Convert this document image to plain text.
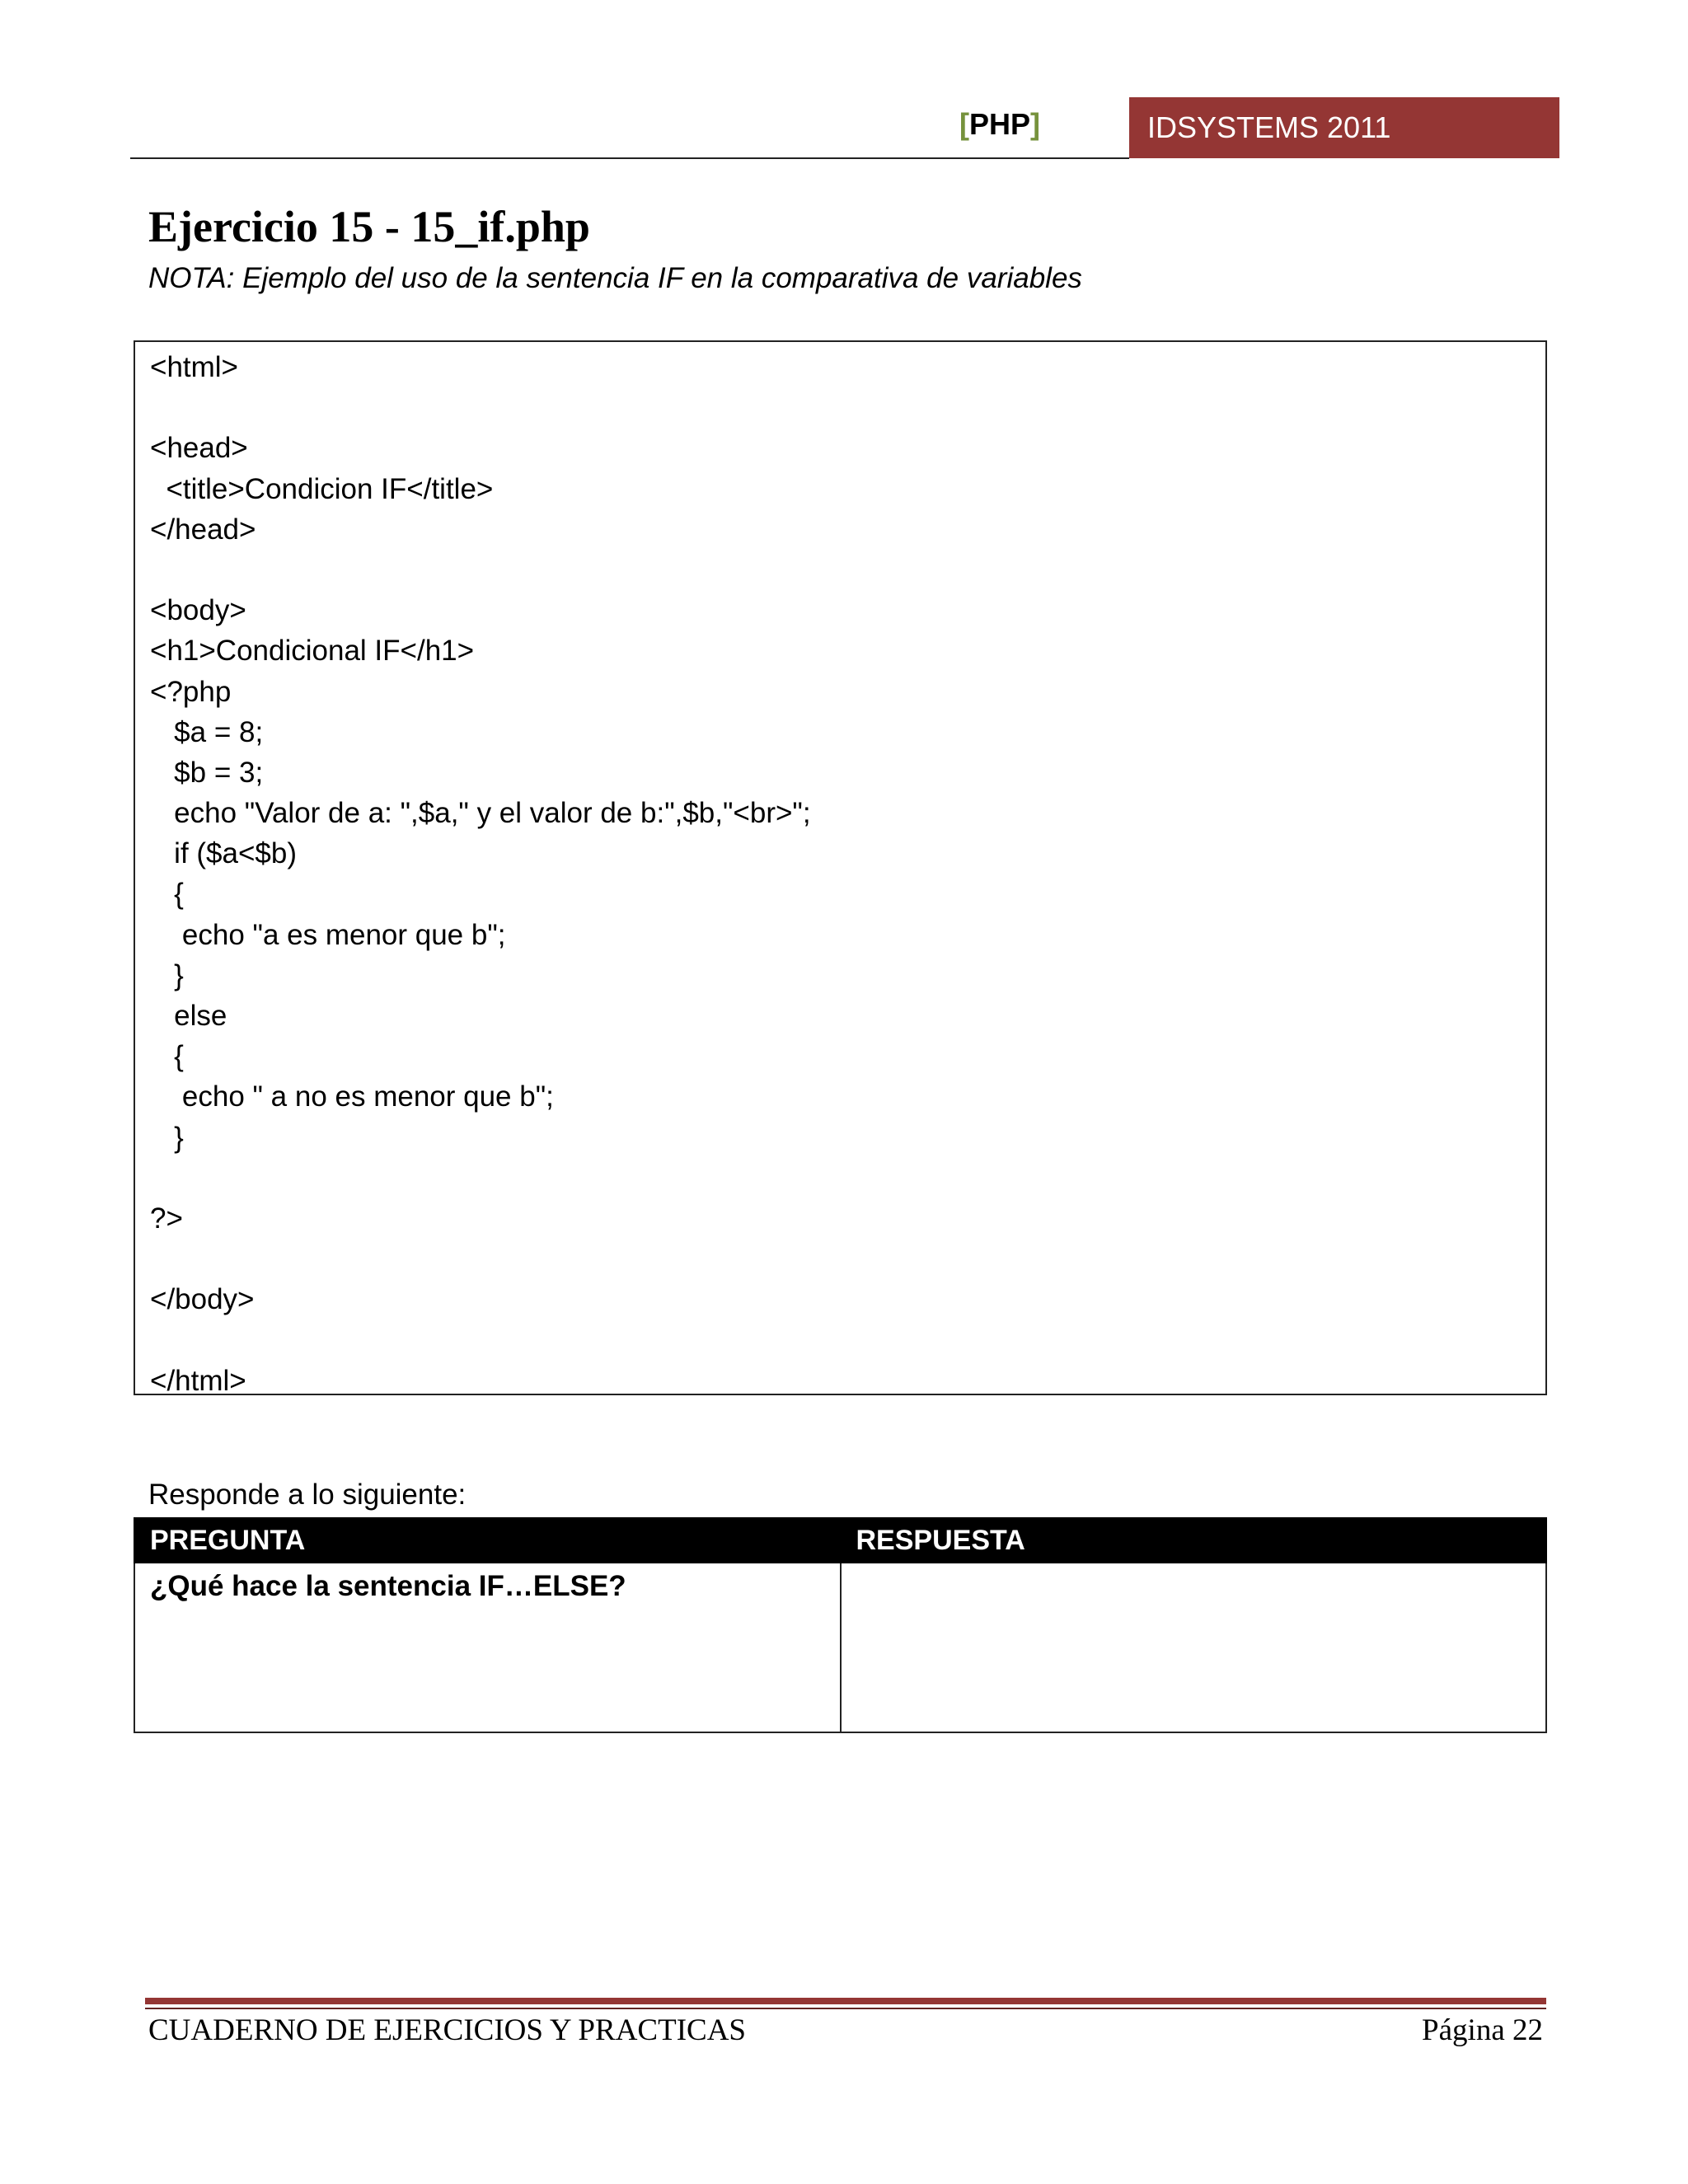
[PHP]	IDSYSTEMS 2011
Ejercicio 15 - 15_if.php
NOTA: Ejemplo del uso de la sentencia IF en la comparativa de variables
<html>
<head>
<title>Condicion IF</title>
</head>
<body>
<h1>Condicional IF</h1>
<?php
$a = 8;
$b = 3;
echo "Valor de a: ",$a," y el valor de b:",$b,"<br>";
if ($a<$b)
{
echo "a es menor que b";
}
else
{
echo " a no es menor que b";
}
?>
</body>
</html>
Responde a lo siguiente:
PREGUNTA	RESPUESTA
¿Qué hace la sentencia IF…ELSE?	
CUADERNO DE EJERCICIOS Y PRACTICAS	Página 22
